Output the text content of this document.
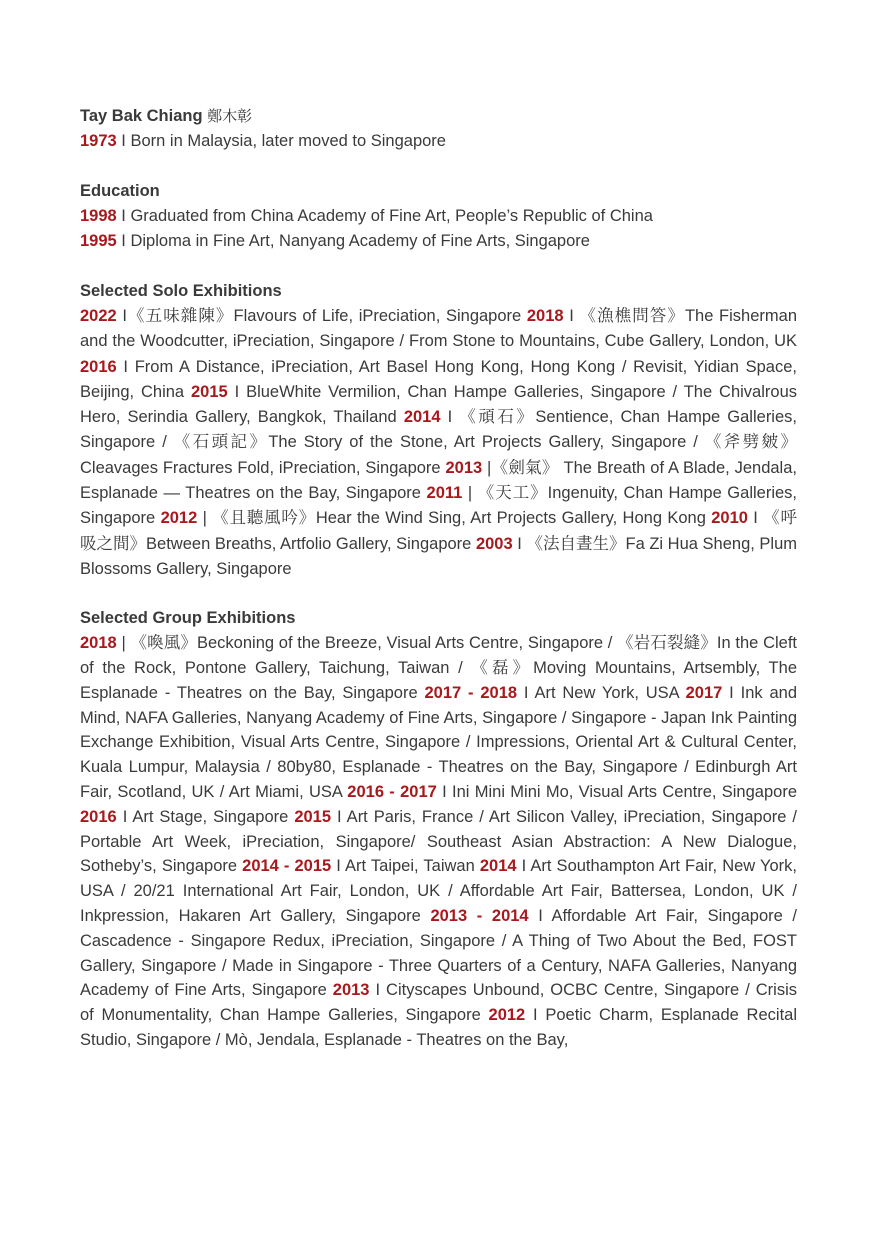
Tay Bak Chiang 鄭木彰

1973 I Born in Malaysia, later moved to Singapore

Education

1998 I Graduated from China Academy of Fine Art, People’s Republic of China

1995 I Diploma in Fine Art, Nanyang Academy of Fine Arts, Singapore

Selected Solo Exhibitions

2022 I《五味雜陳》Flavours of Life, iPreciation, Singapore 2018 I 《漁樵問答》The Fisherman and the Woodcutter, iPreciation, Singapore / From Stone to Mountains, Cube Gallery, London, UK 2016 I From A Distance, iPreciation, Art Basel Hong Kong, Hong Kong / Revisit, Yidian Space, Beijing, China 2015 I BlueWhite Vermilion, Chan Hampe Galleries, Singapore / The Chivalrous Hero, Serindia Gallery, Bangkok, Thailand 2014 I 《頑石》Sentience, Chan Hampe Galleries, Singapore / 《石頭記》The Story of the Stone, Art Projects Gallery, Singapore / 《斧劈皴》Cleavages Fractures Fold, iPreciation, Singapore 2013 |《劍氣》 The Breath of A Blade, Jendala, Esplanade — Theatres on the Bay, Singapore 2011 | 《天工》Ingenuity, Chan Hampe Galleries, Singapore 2012 | 《且聽風吟》Hear the Wind Sing, Art Projects Gallery, Hong Kong 2010 I 《呼吸之間》Between Breaths, Artfolio Gallery, Singapore 2003 I 《法自晝生》Fa Zi Hua Sheng, Plum Blossoms Gallery, Singapore

Selected Group Exhibitions

2018 | 《喚風》Beckoning of the Breeze, Visual Arts Centre, Singapore / 《岩石裂縫》In the Cleft of the Rock, Pontone Gallery, Taichung, Taiwan / 《磊》Moving Mountains, Artsembly, The Esplanade - Theatres on the Bay, Singapore 2017 - 2018 I Art New York, USA 2017 I Ink and Mind, NAFA Galleries, Nanyang Academy of Fine Arts, Singapore / Singapore - Japan Ink Painting Exchange Exhibition, Visual Arts Centre, Singapore / Impressions, Oriental Art & Cultural Center, Kuala Lumpur, Malaysia / 80by80, Esplanade - Theatres on the Bay, Singapore / Edinburgh Art Fair, Scotland, UK / Art Miami, USA 2016 - 2017 I Ini Mini Mini Mo, Visual Arts Centre, Singapore 2016 I Art Stage, Singapore 2015 I Art Paris, France / Art Silicon Valley, iPreciation, Singapore / Portable Art Week, iPreciation, Singapore/ Southeast Asian Abstraction: A New Dialogue, Sotheby’s, Singapore 2014 - 2015 I Art Taipei, Taiwan 2014 I Art Southampton Art Fair, New York, USA / 20/21 International Art Fair, London, UK / Affordable Art Fair, Battersea, London, UK / Inkpression, Hakaren Art Gallery, Singapore 2013 - 2014 I Affordable Art Fair, Singapore / Cascadence - Singapore Redux, iPreciation, Singapore / A Thing of Two About the Bed, FOST Gallery, Singapore / Made in Singapore - Three Quarters of a Century, NAFA Galleries, Nanyang Academy of Fine Arts, Singapore 2013 I Cityscapes Unbound, OCBC Centre, Singapore / Crisis of Monumentality, Chan Hampe Galleries, Singapore 2012 I Poetic Charm, Esplanade Recital Studio, Singapore / Mò, Jendala, Esplanade - Theatres on the Bay,
